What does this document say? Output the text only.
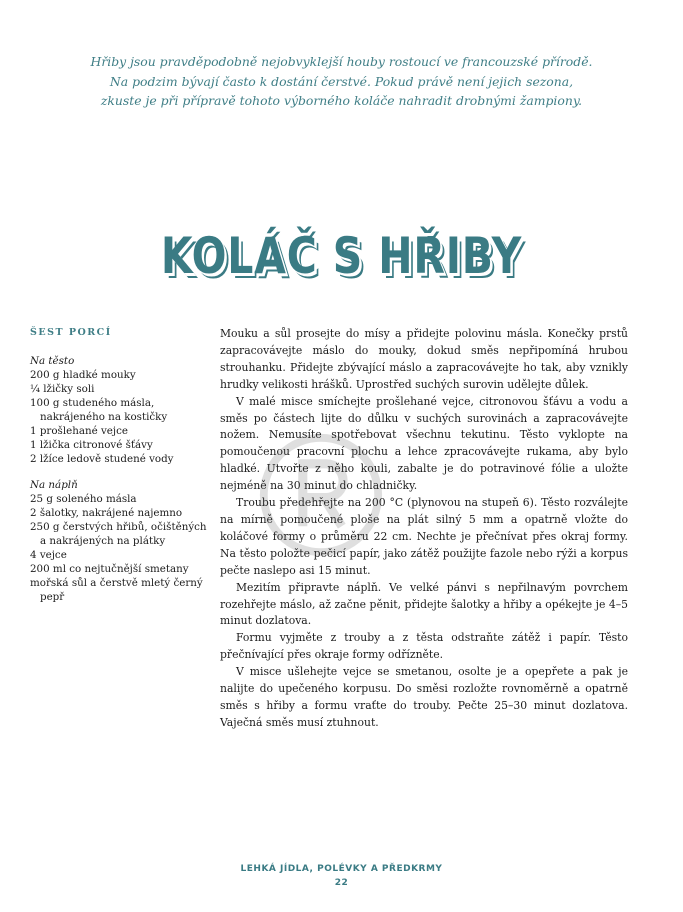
Hřiby jsou pravděpodobně nejobvyklejší houby rostoucí ve francouzské přírodě.
Na podzim bývají často k dostání čerstvé. Pokud právě není jejich sezona,
zkuste je při přípravě tohoto výborného koláče nahradit drobnými žampiony.
KOLÁČ S HŘIBY
ŠEST PORCÍ
Na těsto

200 g hladké mouky

¼ lžičky soli

100 g studeného másla, nakrájeného na kostičky

1 prošlehané vejce

1 lžička citronové šťávy

2 lžíce ledově studené vody

Na náplň

25 g soleného másla

2 šalotky, nakrájené najemno

250 g čerstvých hřibů, očištěných a nakrájených na plátky

4 vejce

200 ml co nejtučnější smetany

mořská sůl a čerstvě mletý černý pepř

Mouku a sůl prosejte do mísy a přidejte polovinu másla. Konečky prstů zapracovávejte máslo do mouky, dokud směs nepřipomíná hrubou strouhanku. Přidejte zbývající máslo a zapracovávejte ho tak, aby vznikly hrudky velikosti hrášků. Uprostřed suchých surovin udělejte důlek.

V malé misce smíchejte prošlehané vejce, citronovou šťávu a vodu a směs po částech lijte do důlku v suchých surovinách a zapracovávejte nožem. Nemusíte spotřebovat všechnu tekutinu. Těsto vyklopte na pomoučenou pracovní plochu a lehce zpracovávejte rukama, aby bylo hladké. Utvořte z něho kouli, zabalte je do potravinové fólie a uložte nejméně na 30 minut do chladničky.

Troubu předehřejte na 200 °C (plynovou na stupeň 6). Těsto rozválejte na mírně pomoučené ploše na plát silný 5 mm a opatrně vložte do koláčové formy o průměru 22 cm. Nechte je přečnívat přes okraj formy. Na těsto položte pečicí papír, jako zátěž použijte fazole nebo rýži a korpus pečte naslepo asi 15 minut.

Mezitím připravte náplň. Ve velké pánvi s nepřilnavým povrchem rozehřejte máslo, až začne pěnit, přidejte šalotky a hřiby a opékejte je 4–5 minut dozlatova.

Formu vyjměte z trouby a z těsta odstraňte zátěž i papír. Těsto přečnívající přes okraje formy odřízněte.

V misce ušlehejte vejce se smetanou, osolte je a opepřete a pak je nalijte do upečeného korpusu. Do směsi rozložte rovnoměrně a opatrně směs s hřiby a formu vraťte do trouby. Pečte 25–30 minut dozlatova. Vaječná směs musí ztuhnout.

LEHKÁ JÍDLA, POLÉVKY A PŘEDKRMY
22
